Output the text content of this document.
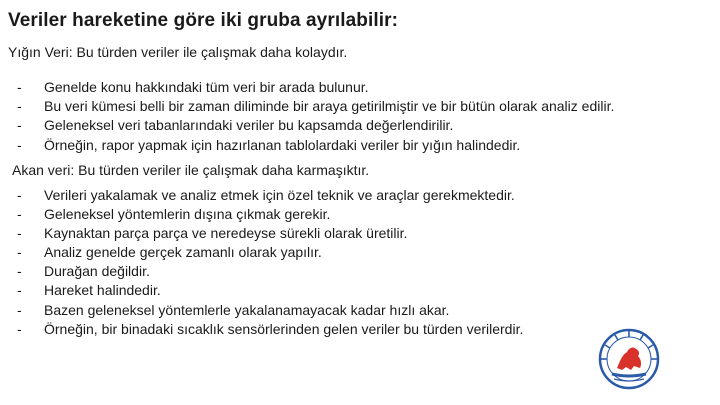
Veriler hareketine göre iki gruba ayrılabilir:
Yığın Veri: Bu türden veriler ile çalışmak daha kolaydır.
- Genelde konu hakkındaki tüm veri bir arada bulunur.
- Bu veri kümesi belli bir zaman diliminde bir araya getirilmiştir ve bir bütün olarak analiz edilir.
- Geleneksel veri tabanlarındaki veriler bu kapsamda değerlendirilir.
- Örneğin, rapor yapmak için hazırlanan tablolardaki veriler bir yığın halindedir.
Akan veri: Bu türden veriler ile çalışmak daha karmaşıktır.
- Verileri yakalamak ve analiz etmek için özel teknik ve araçlar gerekmektedir.
- Geleneksel yöntemlerin dışına çıkmak gerekir.
- Kaynaktan parça parça ve neredeyse sürekli olarak üretilir.
- Analiz genelde gerçek zamanlı olarak yapılır.
- Durağan değildir.
- Hareket halindedir.
- Bazen geleneksel yöntemlerle yakalanamayacak kadar hızlı akar.
- Örneğin, bir binadaki sıcaklık sensörlerinden gelen veriler bu türden verilerdir.
